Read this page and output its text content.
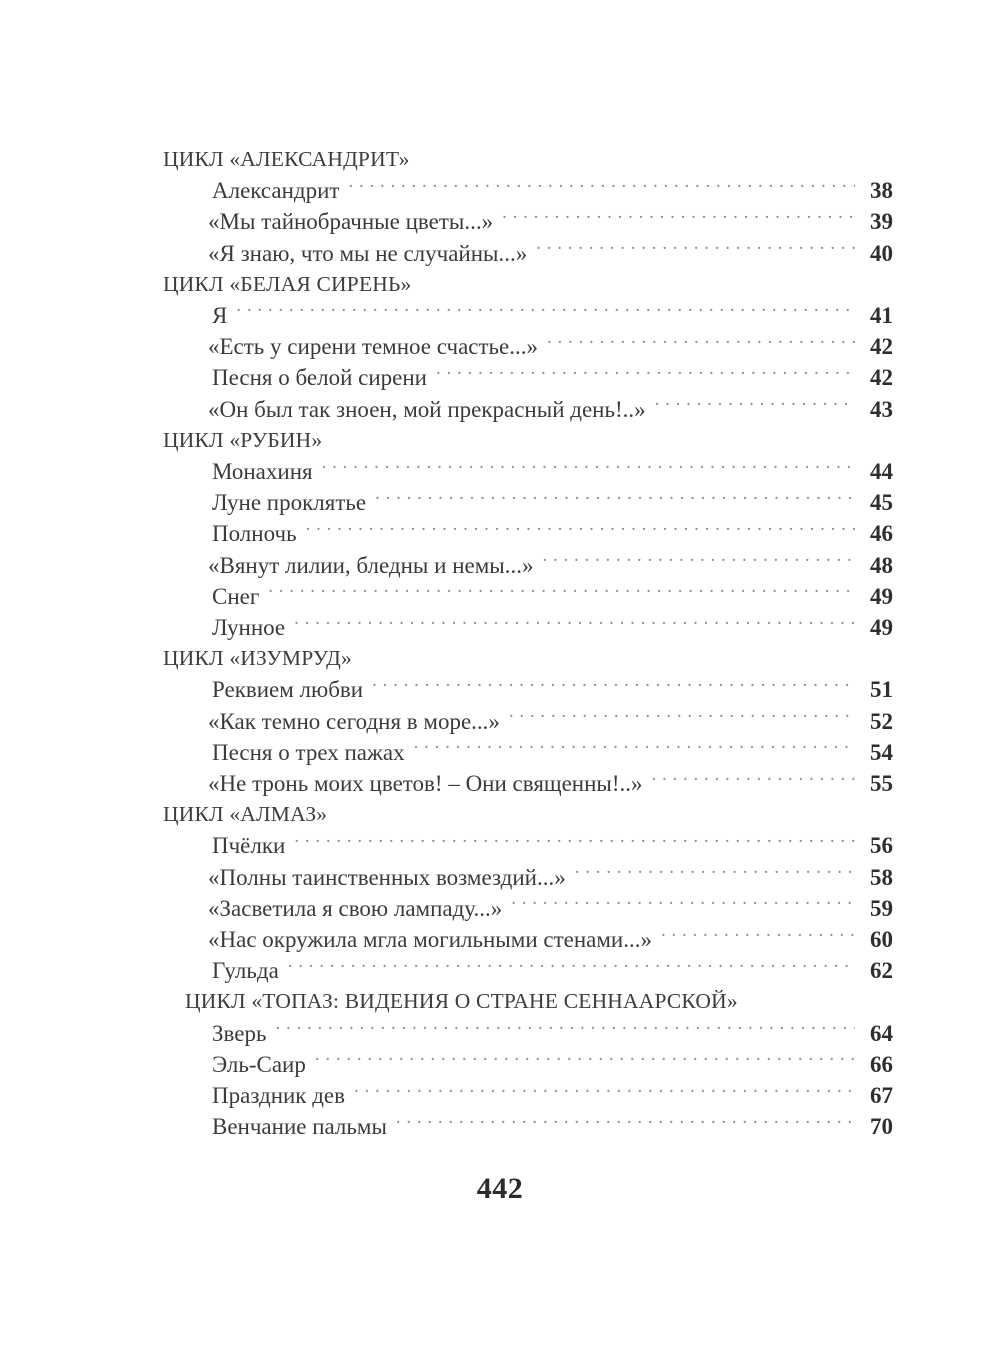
ЦИКЛ «АЛЕКСАНДРИТ»
Александрит . . .	38
«Мы тайнобрачные цветы...» . . .	39
«Я знаю, что мы не случайны...» . . .	40
ЦИКЛ «БЕЛАЯ СИРЕНЬ»
Я . . .	41
«Есть у сирени темное счастье...» . . .	42
Песня о белой сирени . . .	42
«Он был так зноен, мой прекрасный день!..» . . .	43
ЦИКЛ «РУБИН»
Монахиня . . .	44
Луне проклятье . . .	45
Полночь . . .	46
«Вянут лилии, бледны и немы...» . . .	48
Снег . . .	49
Лунное . . .	49
ЦИКЛ «ИЗУМРУД»
Реквием любви . . .	51
«Как темно сегодня в море...» . . .	52
Песня о трех пажах . . .	54
«Не тронь моих цветов! – Они священны!..» . . .	55
ЦИКЛ «АЛМАЗ»
Пчёлки . . .	56
«Полны таинственных возмездий...» . . .	58
«Засветила я свою лампаду...» . . .	59
«Нас окружила мгла могильными стенами...» . . .	60
Гульда . . .	62
ЦИКЛ «ТОПАЗ: ВИДЕНИЯ О СТРАНЕ СЕННААРСКОЙ»
Зверь . . .	64
Эль-Саир . . .	66
Праздник дев . . .	67
Венчание пальмы . . .	70
442
